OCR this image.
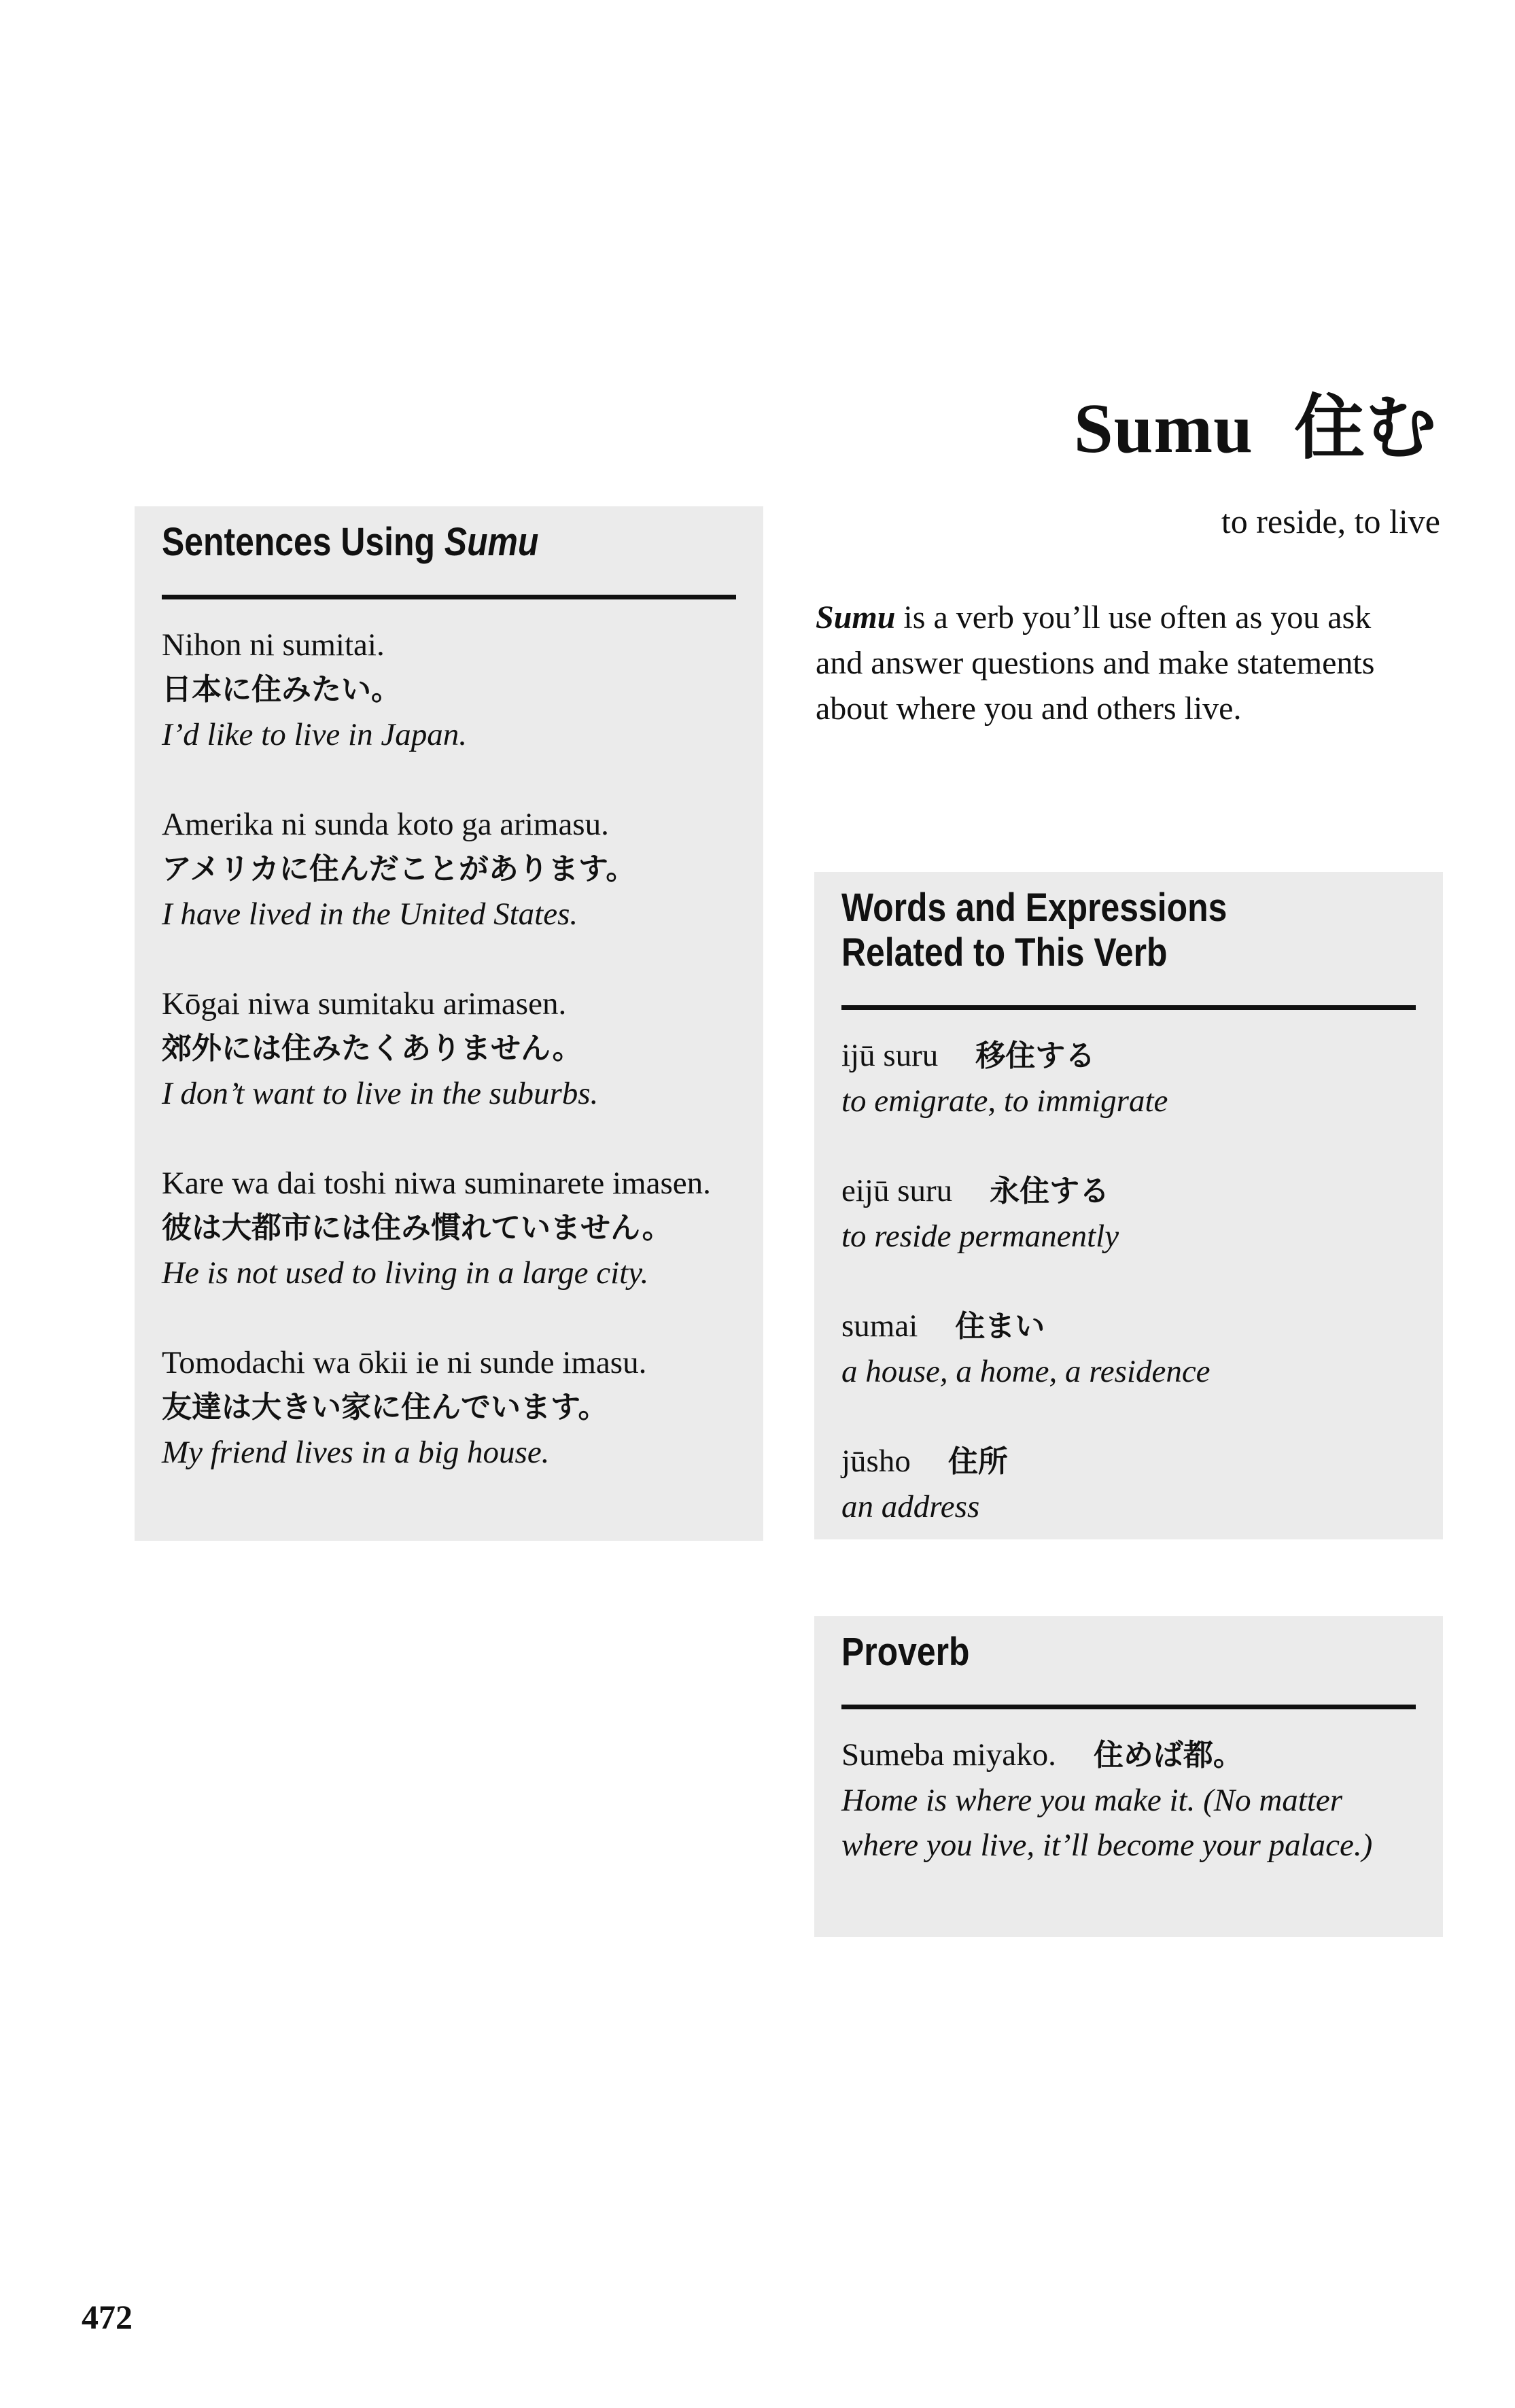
Sumu 住む
to reside, to live
Sumu is a verb you’ll use often as you ask and answer questions and make statements about where you and others live.
Sentences Using Sumu
Nihon ni sumitai.
日本に住みたい。
I’d like to live in Japan.
Amerika ni sunda koto ga arimasu.
アメリカに住んだことがあります。
I have lived in the United States.
Kōgai niwa sumitaku arimasen.
郊外には住みたくありません。
I don’t want to live in the suburbs.
Kare wa dai toshi niwa suminarete imasen.
彼は大都市には住み慣れていません。
He is not used to living in a large city.
Tomodachi wa ōkii ie ni sunde imasu.
友達は大きい家に住んでいます。
My friend lives in a big house.
Words and Expressions
Related to This Verb
ijū suru 移住する
to emigrate, to immigrate
eijū suru 永住する
to reside permanently
sumai 住まい
a house, a home, a residence
jūsho 住所
an address
Proverb
Sumeba miyako. 住めば都。
Home is where you make it. (No matter where you live, it’ll become your palace.)
472
